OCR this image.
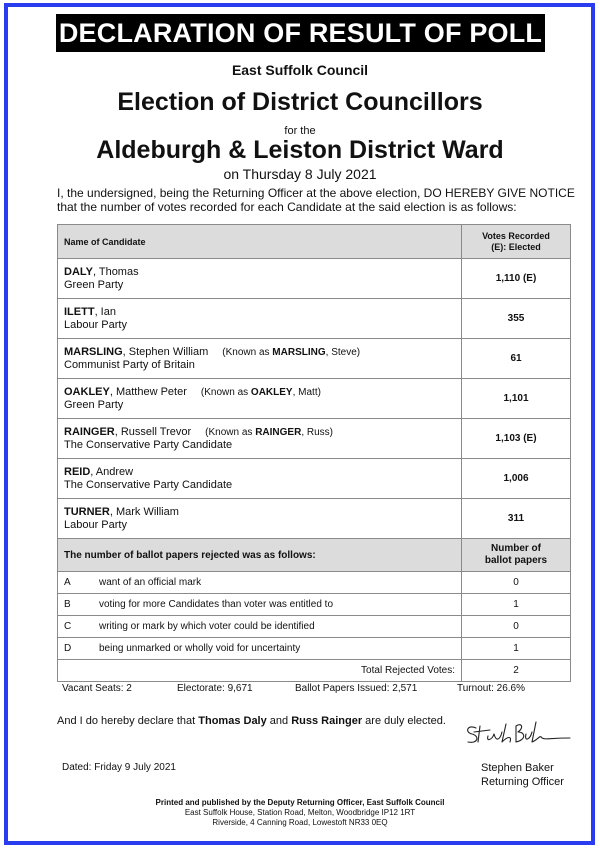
DECLARATION OF RESULT OF POLL
East Suffolk Council
Election of District Councillors
for the
Aldeburgh & Leiston District Ward
on Thursday 8 July 2021
I, the undersigned, being the Returning Officer at the above election, DO HEREBY GIVE NOTICE that the number of votes recorded for each Candidate at the said election is as follows:
Name of Candidate	Votes Recorded
(E): Elected
DALY, Thomas
Green Party	1,110 (E)
ILETT, Ian
Labour Party	355
MARSLING, Stephen William (Known as MARSLING, Steve)
Communist Party of Britain	61
OAKLEY, Matthew Peter (Known as OAKLEY, Matt)
Green Party	1,101
RAINGER, Russell Trevor (Known as RAINGER, Russ)
The Conservative Party Candidate	1,103 (E)
REID, Andrew
The Conservative Party Candidate	1,006
TURNER, Mark William
Labour Party	311
The number of ballot papers rejected was as follows:		Number of
ballot papers
A	want of an official mark	0
B	voting for more Candidates than voter was entitled to	1
C	writing or mark by which voter could be identified	0
D	being unmarked or wholly void for uncertainty	1
Total Rejected Votes:		2
Vacant Seats: 2	Electorate: 9,671	Ballot Papers Issued: 2,571	Turnout: 26.6%
And I do hereby declare that Thomas Daly and Russ Rainger are duly elected.
Dated: Friday 9 July 2021	Stephen Baker
Returning Officer
Printed and published by the Deputy Returning Officer, East Suffolk Council
East Suffolk House, Station Road, Melton, Woodbridge IP12 1RT
Riverside, 4 Canning Road, Lowestoft NR33 0EQ
